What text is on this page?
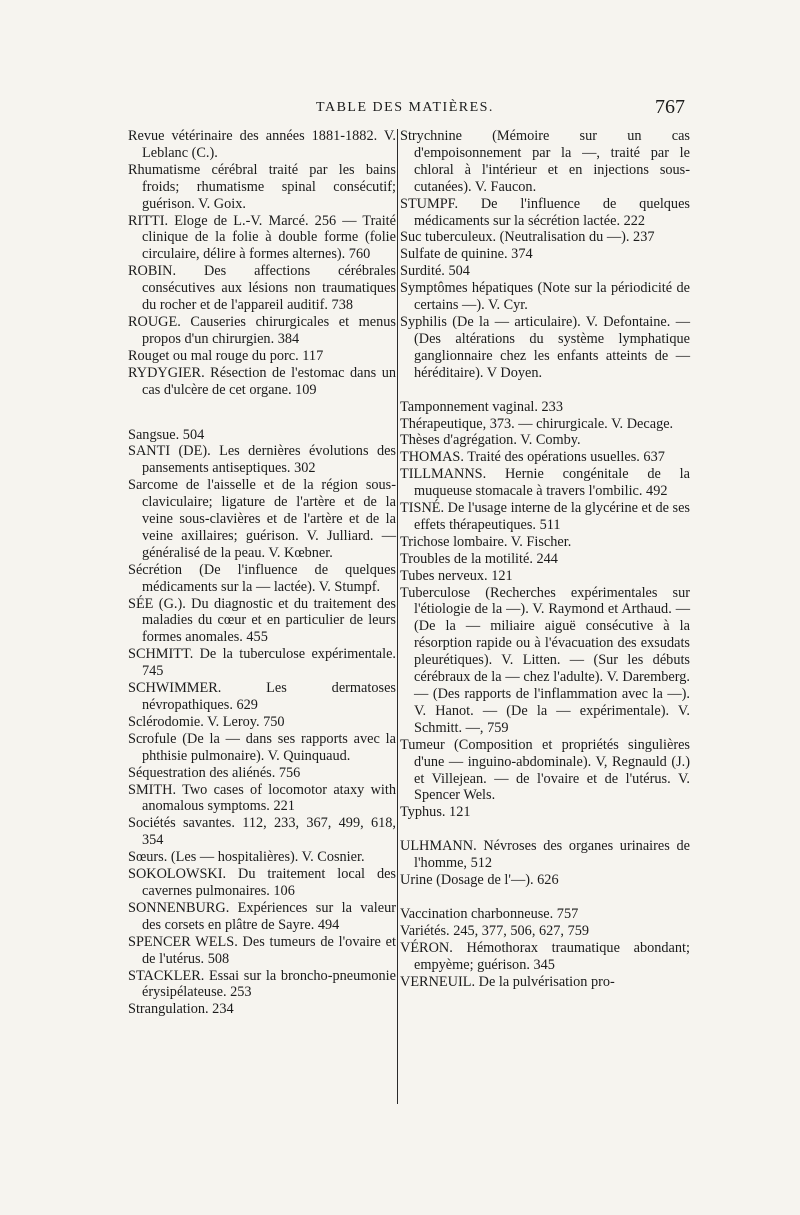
TABLE DES MATIÈRES.	767

Revue vétérinaire des années 1881-1882. V. Leblanc (C.).

Rhumatisme cérébral traité par les bains froids; rhumatisme spinal consécutif; guérison. V. Goix.

RITTI. Eloge de L.-V. Marcé. 256 — Traité clinique de la folie à double forme (folie circulaire, délire à formes alternes). 760

ROBIN. Des affections cérébrales consécutives aux lésions non traumatiques du rocher et de l'appareil auditif. 738

ROUGE. Causeries chirurgicales et menus propos d'un chirurgien. 384

Rouget ou mal rouge du porc. 117

RYDYGIER. Résection de l'estomac dans un cas d'ulcère de cet organe. 109

Sangsue. 504

SANTI (DE). Les dernières évolutions des pansements antiseptiques. 302

Sarcome de l'aisselle et de la région sous-claviculaire; ligature de l'artère et de la veine sous-clavières et de l'artère et de la veine axillaires; guérison. V. Julliard. — généralisé de la peau. V. Kœbner.

Sécrétion (De l'influence de quelques médicaments sur la — lactée). V. Stumpf.

SÉE (G.). Du diagnostic et du traitement des maladies du cœur et en particulier de leurs formes anomales. 455

SCHMITT. De la tuberculose expérimentale. 745

SCHWIMMER. Les dermatoses névropathiques. 629

Sclérodomie. V. Leroy. 750

Scrofule (De la — dans ses rapports avec la phthisie pulmonaire). V. Quinquaud.

Séquestration des aliénés. 756

SMITH. Two cases of locomotor ataxy with anomalous symptoms. 221

Sociétés savantes. 112, 233, 367, 499, 618, 354

Sœurs. (Les — hospitalières). V. Cosnier.

SOKOLOWSKI. Du traitement local des cavernes pulmonaires. 106

SONNENBURG. Expériences sur la valeur des corsets en plâtre de Sayre. 494

SPENCER WELS. Des tumeurs de l'ovaire et de l'utérus. 508

STACKLER. Essai sur la broncho-pneumonie érysipélateuse. 253

Strangulation. 234

Strychnine (Mémoire sur un cas d'empoisonnement par la —, traité par le chloral à l'intérieur et en injections sous-cutanées). V. Faucon.

STUMPF. De l'influence de quelques médicaments sur la sécrétion lactée. 222

Suc tuberculeux. (Neutralisation du —). 237

Sulfate de quinine. 374

Surdité. 504

Symptômes hépatiques (Note sur la périodicité de certains —). V. Cyr.

Syphilis (De la — articulaire). V. Defontaine. — (Des altérations du système lymphatique ganglionnaire chez les enfants atteints de — héréditaire). V Doyen.

Tamponnement vaginal. 233

Thérapeutique, 373. — chirurgicale. V. Decage.

Thèses d'agrégation. V. Comby.

THOMAS. Traité des opérations usuelles. 637

TILLMANNS. Hernie congénitale de la muqueuse stomacale à travers l'ombilic. 492

TISNÉ. De l'usage interne de la glycérine et de ses effets thérapeutiques. 511

Trichose lombaire. V. Fischer.

Troubles de la motilité. 244

Tubes nerveux. 121

Tuberculose (Recherches expérimentales sur l'étiologie de la —). V. Raymond et Arthaud. —(De la — miliaire aiguë consécutive à la résorption rapide ou à l'évacuation des exsudats pleurétiques). V. Litten. — (Sur les débuts cérébraux de la — chez l'adulte). V. Daremberg. — (Des rapports de l'inflammation avec la —). V. Hanot. — (De la — expérimentale). V. Schmitt. —, 759

Tumeur (Composition et propriétés singulières d'une — inguino-abdominale). V, Regnauld (J.) et Villejean. — de l'ovaire et de l'utérus. V. Spencer Wels.

Typhus. 121

ULHMANN. Névroses des organes urinaires de l'homme, 512

Urine (Dosage de l'—). 626

Vaccination charbonneuse. 757

Variétés. 245, 377, 506, 627, 759

VÉRON. Hémothorax traumatique abondant; empyème; guérison. 345

VERNEUIL. De la pulvérisation pro-
